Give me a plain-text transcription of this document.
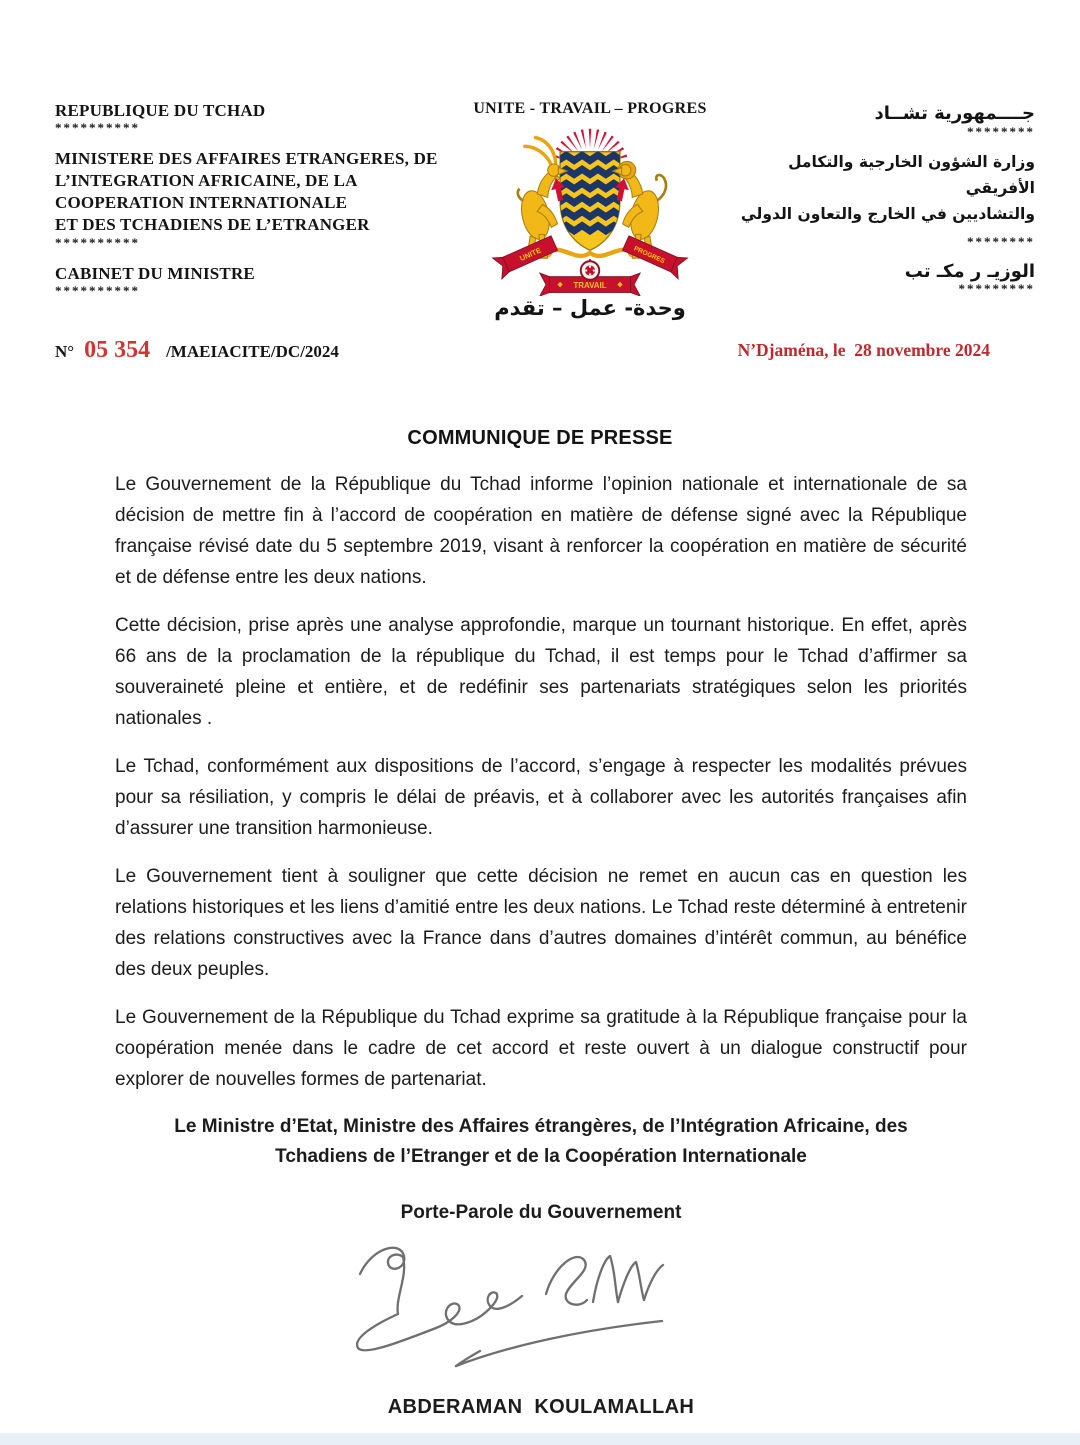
REPUBLIQUE DU TCHAD
**********
MINISTERE DES AFFAIRES ETRANGERES, DE
L’INTEGRATION AFRICAINE, DE LA
COOPERATION INTERNATIONALE
ET DES TCHADIENS DE L’ETRANGER
**********
CABINET DU MINISTRE
**********
UNITE - TRAVAIL – PROGRES
UNITE	PROGRES
TRAVAIL
وحدة- عمل – تقدم
جــــمهورية تشــاد
********
وزارة الشؤون الخارجية والتكامل الأفريقي
والتشاديين في الخارج والتعاون الدولي
********
الوزيـ ر مكـ تب
*********
N° 05 354 /MAEIACITE/DC/2024	N’Djaména, le  28 novembre 2024
COMMUNIQUE DE PRESSE

Le Gouvernement de la République du Tchad informe l’opinion nationale et internationale de sa décision de mettre fin à l’accord de coopération en matière de défense signé avec la République française révisé date du 5 septembre 2019, visant à renforcer la coopération en matière de sécurité et de défense entre les deux nations.

Cette décision, prise après une analyse approfondie, marque un tournant historique. En effet, après 66 ans de la proclamation de la république du Tchad, il est temps pour le Tchad d’affirmer sa souveraineté pleine et entière, et de redéfinir ses partenariats stratégiques selon les priorités nationales .

Le Tchad, conformément aux dispositions de l’accord, s’engage à respecter les modalités prévues pour sa résiliation, y compris le délai de préavis, et à collaborer avec les autorités françaises afin d’assurer une transition harmonieuse.

Le Gouvernement tient à souligner que cette décision ne remet en aucun cas en question les relations historiques et les liens d’amitié entre les deux nations. Le Tchad reste déterminé à entretenir des relations constructives avec la France dans d’autres domaines d’intérêt commun, au bénéfice des deux peuples.

Le Gouvernement de la République du Tchad exprime sa gratitude à la République française pour la coopération menée dans le cadre de cet accord et reste ouvert à un dialogue constructif pour explorer de nouvelles formes de partenariat.

Le Ministre d’Etat, Ministre des Affaires étrangères, de l’Intégration Africaine, des Tchadiens de l’Etranger et de la Coopération Internationale
Porte-Parole du Gouvernement
ABDERAMAN  KOULAMALLAH
